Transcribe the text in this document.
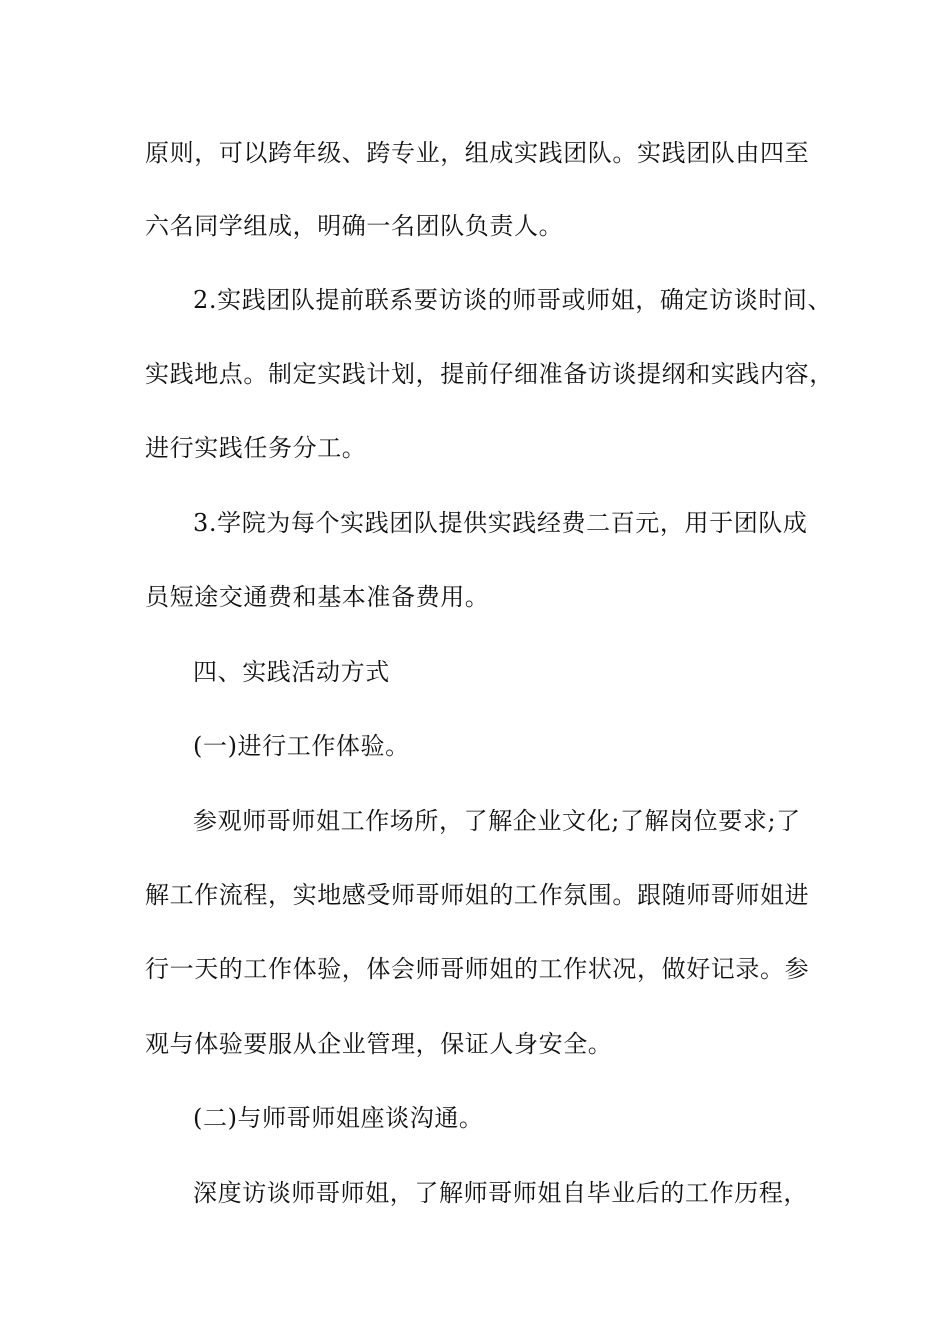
原则，可以跨年级、跨专业，组成实践团队。实践团队由四至
六名同学组成，明确一名团队负责人。
2.实践团队提前联系要访谈的师哥或师姐，确定访谈时间、
实践地点。制定实践计划，提前仔细准备访谈提纲和实践内容，
进行实践任务分工。
3.学院为每个实践团队提供实践经费二百元，用于团队成
员短途交通费和基本准备费用。
四、实践活动方式
(一)进行工作体验。
参观师哥师姐工作场所，了解企业文化;了解岗位要求;了
解工作流程，实地感受师哥师姐的工作氛围。跟随师哥师姐进
行一天的工作体验，体会师哥师姐的工作状况，做好记录。参
观与体验要服从企业管理，保证人身安全。
(二)与师哥师姐座谈沟通。
深度访谈师哥师姐，了解师哥师姐自毕业后的工作历程，
